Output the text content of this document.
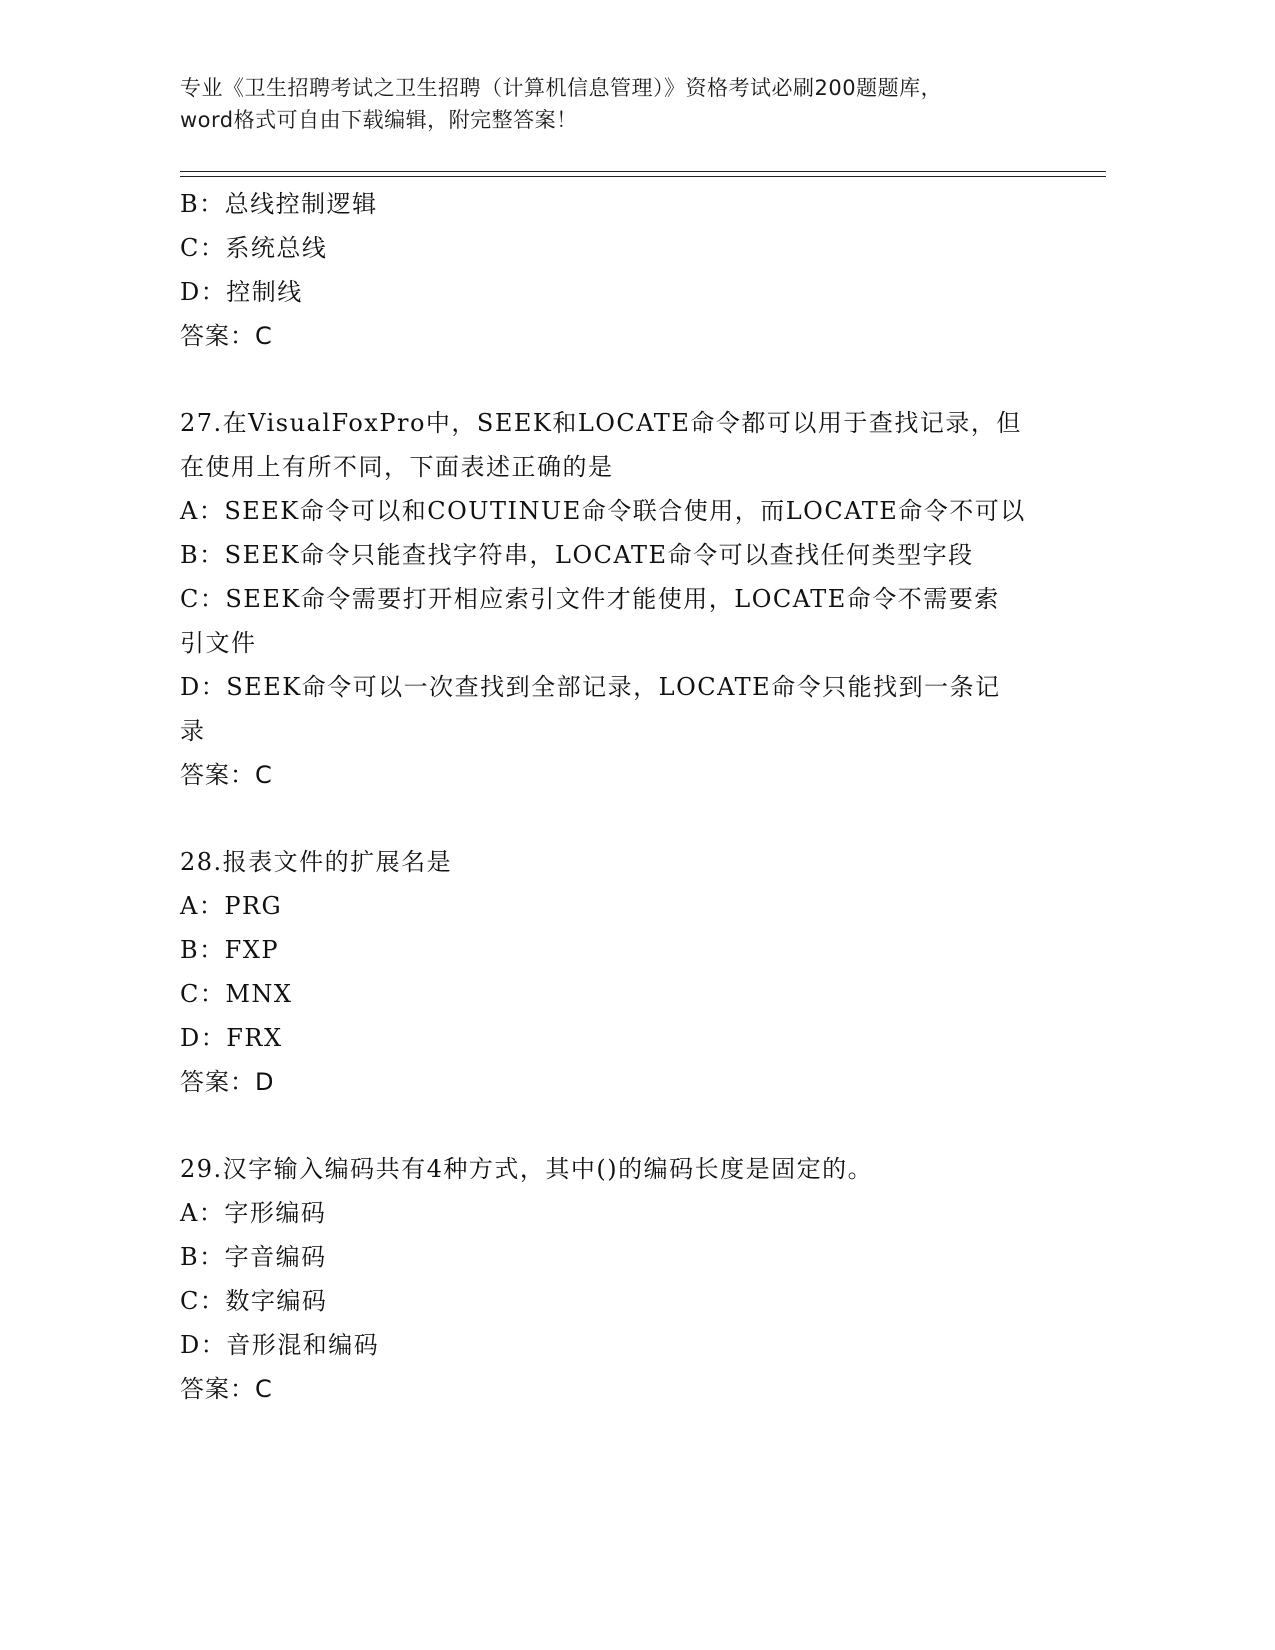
专业《卫生招聘考试之卫生招聘（计算机信息管理）》资格考试必刷200题题库，
word格式可自由下载编辑，附完整答案！
B：总线控制逻辑
C：系统总线
D：控制线
答案：C
27.在VisualFoxPro中，SEEK和LOCATE命令都可以用于查找记录，但
在使用上有所不同，下面表述正确的是
A：SEEK命令可以和COUTINUE命令联合使用，而LOCATE命令不可以
B：SEEK命令只能查找字符串，LOCATE命令可以查找任何类型字段
C：SEEK命令需要打开相应索引文件才能使用，LOCATE命令不需要索
引文件
D：SEEK命令可以一次查找到全部记录，LOCATE命令只能找到一条记
录
答案：C
28.报表文件的扩展名是
A：PRG
B：FXP
C：MNX
D：FRX
答案：D
29.汉字输入编码共有4种方式，其中()的编码长度是固定的。
A：字形编码
B：字音编码
C：数字编码
D：音形混和编码
答案：C
